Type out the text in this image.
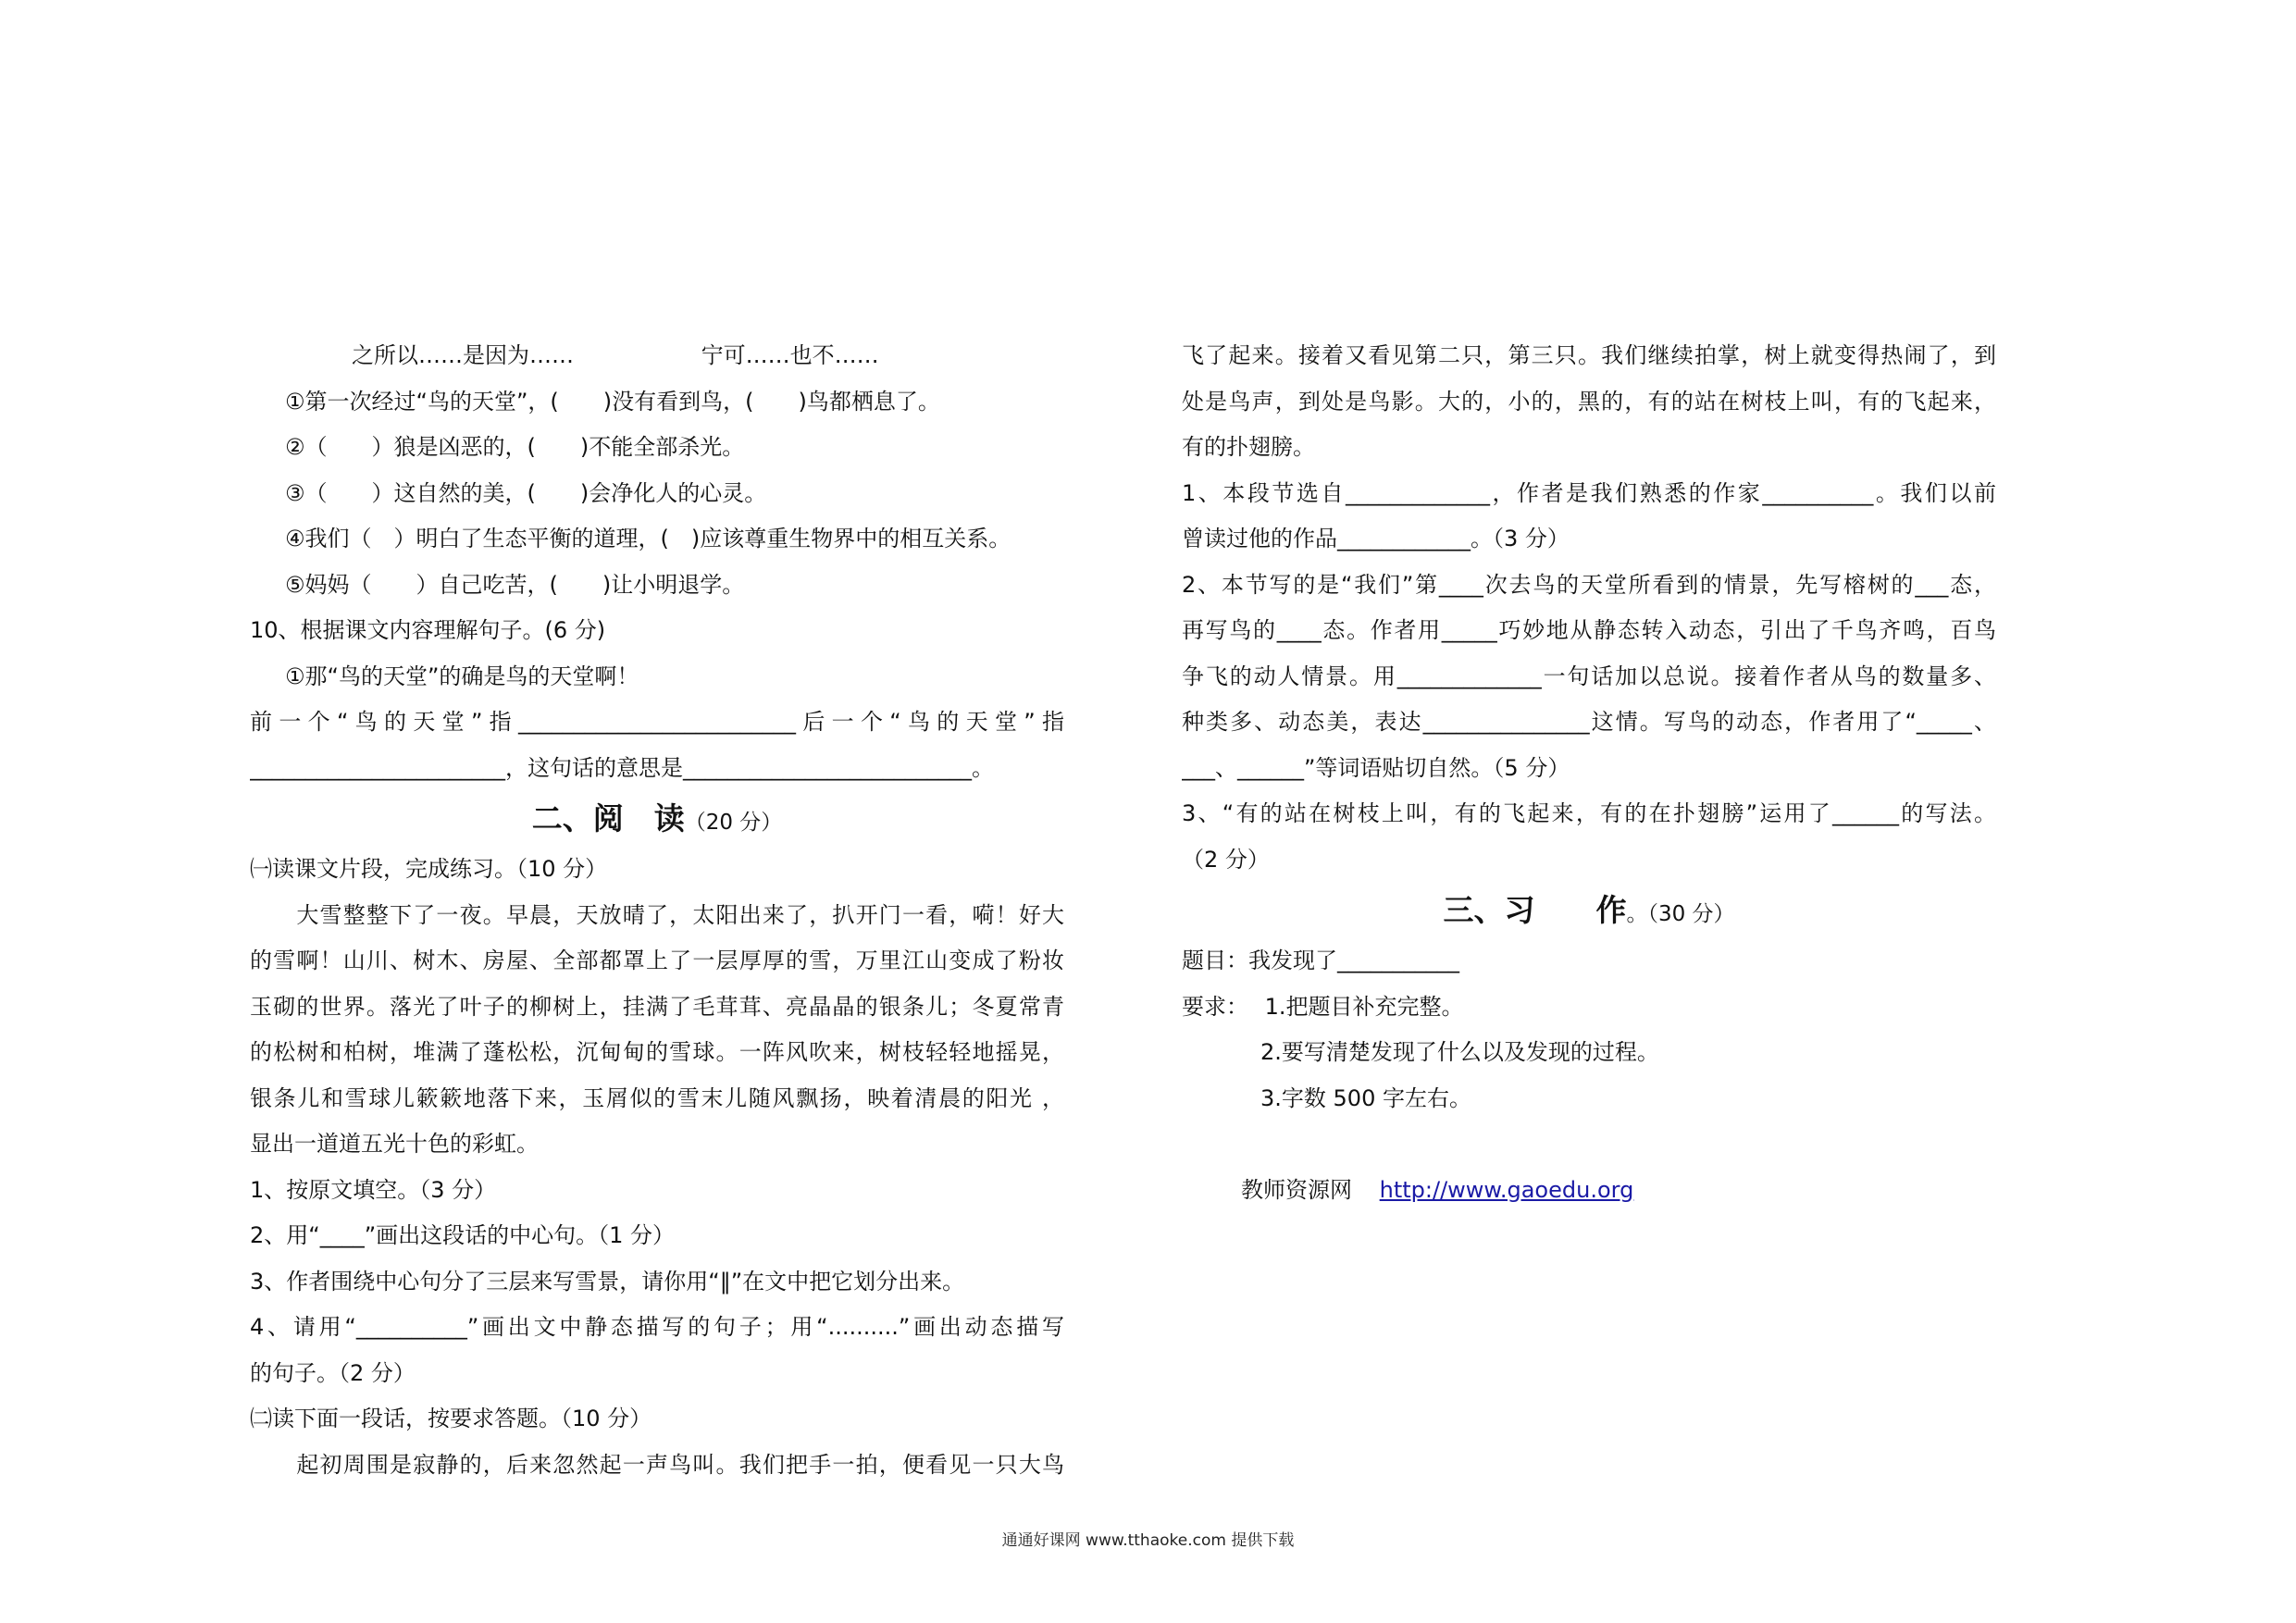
之所以……是因为……	宁可……也不……
①第一次经过“鸟的天堂”，(　　)没有看到鸟，(　　)鸟都栖息了。
②（　　）狼是凶恶的，(　　)不能全部杀光。
③（　　）这自然的美，(　　)会净化人的心灵。
④我们（　）明白了生态平衡的道理，(　)应该尊重生物界中的相互关系。
⑤妈妈（　　）自己吃苦，(　　)让小明退学。
10、根据课文内容理解句子。(6 分)
①那“鸟的天堂”的确是鸟的天堂啊！
前一个“鸟的天堂”指_________________________后一个“鸟的天堂”指
_______________________，这句话的意思是__________________________。
二、阅　读（20 分）
㈠读课文片段，完成练习。（10 分）
　　大雪整整下了一夜。早晨，天放晴了，太阳出来了，扒开门一看，嗬！好大
的雪啊！山川、树木、房屋、全部都罩上了一层厚厚的雪，万里江山变成了粉妆
玉砌的世界。落光了叶子的柳树上，挂满了毛茸茸、亮晶晶的银条儿；冬夏常青
的松树和柏树，堆满了蓬松松，沉甸甸的雪球。一阵风吹来，树枝轻轻地摇晃，
银条儿和雪球儿簌簌地落下来，玉屑似的雪末儿随风飘扬，映着清晨的阳光 ，
显出一道道五光十色的彩虹。
1、按原文填空。（3 分）
2、用“____”画出这段话的中心句。（1 分）
3、作者围绕中心句分了三层来写雪景，请你用“‖”在文中把它划分出来。
4、请用“__________”画出文中静态描写的句子；用“..........”画出动态描写
的句子。（2 分）
㈡读下面一段话，按要求答题。（10 分）
　　起初周围是寂静的，后来忽然起一声鸟叫。我们把手一拍，便看见一只大鸟
飞了起来。接着又看见第二只，第三只。我们继续拍掌，树上就变得热闹了，到
处是鸟声，到处是鸟影。大的，小的，黑的，有的站在树枝上叫，有的飞起来，
有的扑翅膀。
1、本段节选自_____________，作者是我们熟悉的作家__________。我们以前
曾读过他的作品____________。（3 分）
2、本节写的是“我们”第____次去鸟的天堂所看到的情景，先写榕树的___态，
再写鸟的____态。作者用_____巧妙地从静态转入动态，引出了千鸟齐鸣，百鸟
争飞的动人情景。用_____________一句话加以总说。接着作者从鸟的数量多、
种类多、动态美，表达_______________这情。写鸟的动态，作者用了“_____、
___、______”等词语贴切自然。（5 分）
3、“有的站在树枝上叫，有的飞起来，有的在扑翅膀”运用了______的写法。
（2 分）
三、习　　作。（30 分）
题目：我发现了___________
要求： 1.把题目补充完整。
2.要写清楚发现了什么以及发现的过程。
3.字数 500 字左右。
教师资源网 http://www.gaoedu.org
通通好课网 www.tthaoke.com 提供下载
